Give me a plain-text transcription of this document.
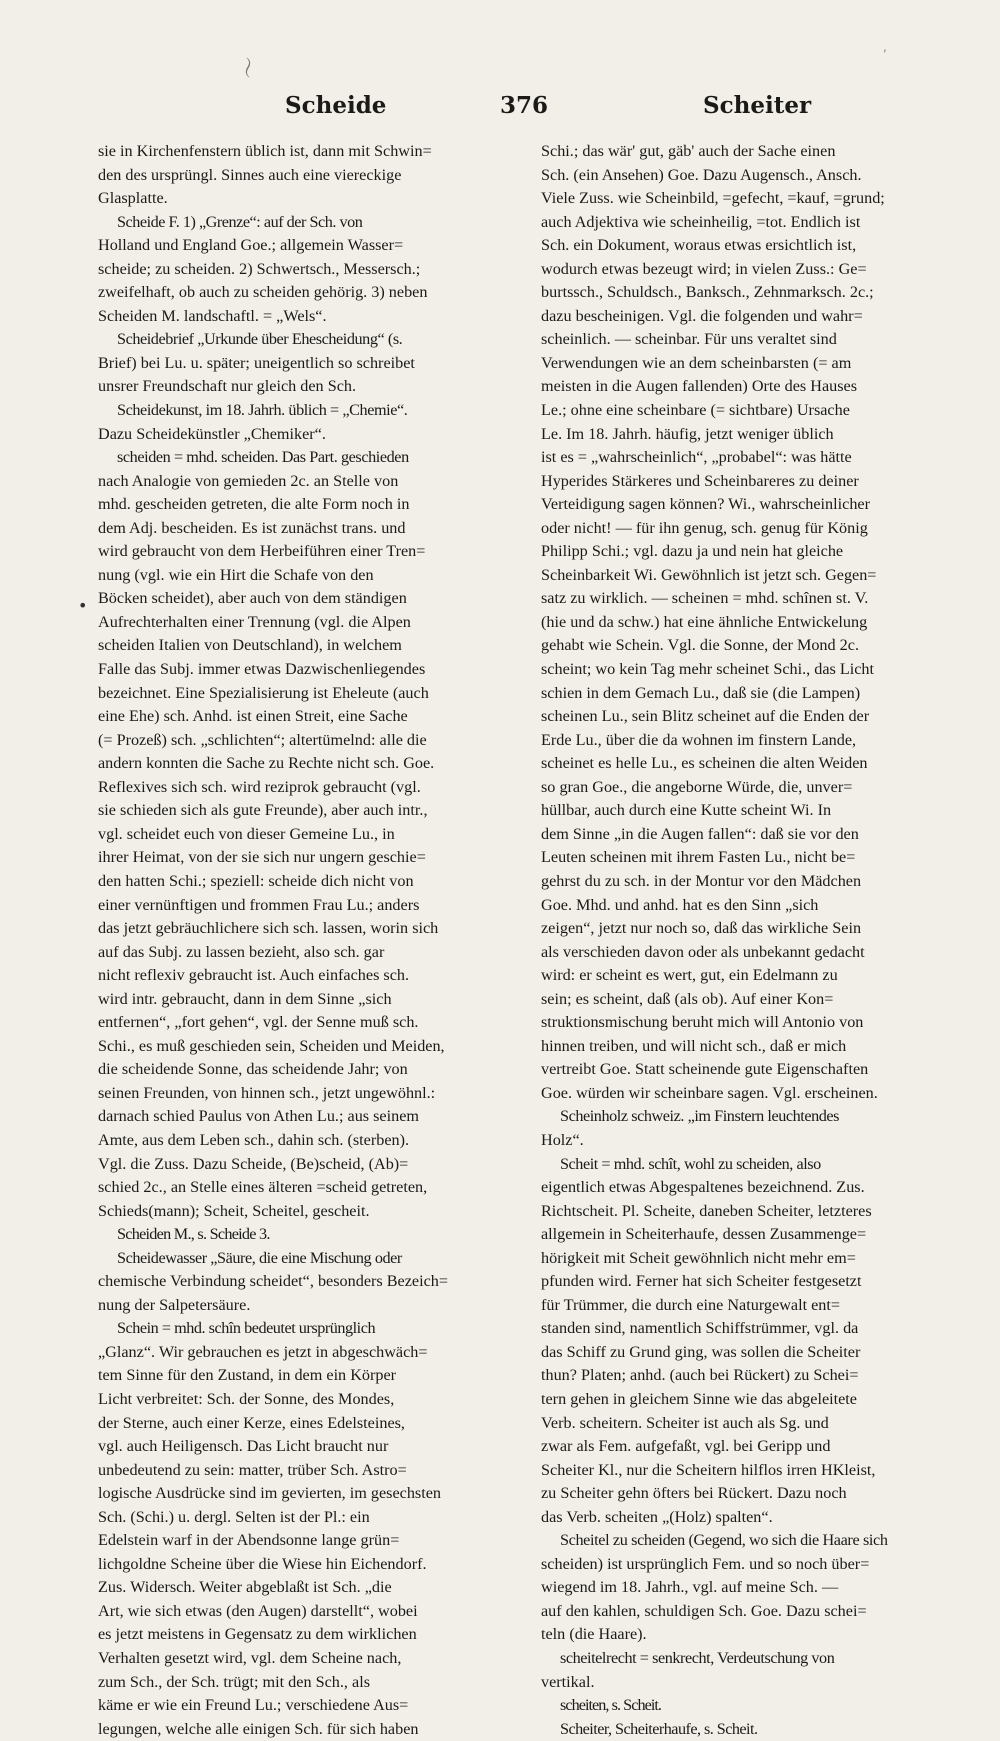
〜
,
•
Scheide	376	Scheiter
sie in Kirchenfenstern üblich ist, dann mit Schwin=
den des ursprüngl. Sinnes auch eine viereckige
Glasplatte.
Scheide F. 1) „Grenze“: auf der Sch. von
Holland und England Goe.; allgemein Wasser=
scheide; zu scheiden. 2) Schwertsch., Messersch.;
zweifelhaft, ob auch zu scheiden gehörig. 3) neben
Scheiden M. landschaftl. = „Wels“.
Scheidebrief „Urkunde über Ehescheidung“ (s.
Brief) bei Lu. u. später; uneigentlich so schreibet
unsrer Freundschaft nur gleich den Sch.
Scheidekunst, im 18. Jahrh. üblich = „Chemie“.
Dazu Scheidekünstler „Chemiker“.
scheiden = mhd. scheiden. Das Part. geschieden
nach Analogie von gemieden 2c. an Stelle von
mhd. gescheiden getreten, die alte Form noch in
dem Adj. bescheiden. Es ist zunächst trans. und
wird gebraucht von dem Herbeiführen einer Tren=
nung (vgl. wie ein Hirt die Schafe von den
Böcken scheidet), aber auch von dem ständigen
Aufrechterhalten einer Trennung (vgl. die Alpen
scheiden Italien von Deutschland), in welchem
Falle das Subj. immer etwas Dazwischenliegendes
bezeichnet. Eine Spezialisierung ist Eheleute (auch
eine Ehe) sch. Anhd. ist einen Streit, eine Sache
(= Prozeß) sch. „schlichten“; altertümelnd: alle die
andern konnten die Sache zu Rechte nicht sch. Goe.
Reflexives sich sch. wird reziprok gebraucht (vgl.
sie schieden sich als gute Freunde), aber auch intr.,
vgl. scheidet euch von dieser Gemeine Lu., in
ihrer Heimat, von der sie sich nur ungern geschie=
den hatten Schi.; speziell: scheide dich nicht von
einer vernünftigen und frommen Frau Lu.; anders
das jetzt gebräuchlichere sich sch. lassen, worin sich
auf das Subj. zu lassen bezieht, also sch. gar
nicht reflexiv gebraucht ist. Auch einfaches sch.
wird intr. gebraucht, dann in dem Sinne „sich
entfernen“, „fort gehen“, vgl. der Senne muß sch.
Schi., es muß geschieden sein, Scheiden und Meiden,
die scheidende Sonne, das scheidende Jahr; von
seinen Freunden, von hinnen sch., jetzt ungewöhnl.:
darnach schied Paulus von Athen Lu.; aus seinem
Amte, aus dem Leben sch., dahin sch. (sterben).
Vgl. die Zuss. Dazu Scheide, (Be)scheid, (Ab)=
schied 2c., an Stelle eines älteren =scheid getreten,
Schieds(mann); Scheit, Scheitel, gescheit.
Scheiden M., s. Scheide 3.
Scheidewasser „Säure, die eine Mischung oder
chemische Verbindung scheidet“, besonders Bezeich=
nung der Salpetersäure.
Schein = mhd. schîn bedeutet ursprünglich
„Glanz“. Wir gebrauchen es jetzt in abgeschwäch=
tem Sinne für den Zustand, in dem ein Körper
Licht verbreitet: Sch. der Sonne, des Mondes,
der Sterne, auch einer Kerze, eines Edelsteines,
vgl. auch Heiligensch. Das Licht braucht nur
unbedeutend zu sein: matter, trüber Sch. Astro=
logische Ausdrücke sind im gevierten, im gesechsten
Sch. (Schi.) u. dergl. Selten ist der Pl.: ein
Edelstein warf in der Abendsonne lange grün=
lichgoldne Scheine über die Wiese hin Eichendorf.
Zus. Widersch. Weiter abgeblaßt ist Sch. „die
Art, wie sich etwas (den Augen) darstellt“, wobei
es jetzt meistens in Gegensatz zu dem wirklichen
Verhalten gesetzt wird, vgl. dem Scheine nach,
zum Sch., der Sch. trügt; mit den Sch., als
käme er wie ein Freund Lu.; verschiedene Aus=
legungen, welche alle einigen Sch. für sich haben
Schi.; das wär' gut, gäb' auch der Sache einen
Sch. (ein Ansehen) Goe. Dazu Augensch., Ansch.
Viele Zuss. wie Scheinbild, =gefecht, =kauf, =grund;
auch Adjektiva wie scheinheilig, =tot. Endlich ist
Sch. ein Dokument, woraus etwas ersichtlich ist,
wodurch etwas bezeugt wird; in vielen Zuss.: Ge=
burtssch., Schuldsch., Banksch., Zehnmarksch. 2c.;
dazu bescheinigen. Vgl. die folgenden und wahr=
scheinlich. — scheinbar. Für uns veraltet sind
Verwendungen wie an dem scheinbarsten (= am
meisten in die Augen fallenden) Orte des Hauses
Le.; ohne eine scheinbare (= sichtbare) Ursache
Le. Im 18. Jahrh. häufig, jetzt weniger üblich
ist es = „wahrscheinlich“, „probabel“: was hätte
Hyperides Stärkeres und Scheinbareres zu deiner
Verteidigung sagen können? Wi., wahrscheinlicher
oder nicht! — für ihn genug, sch. genug für König
Philipp Schi.; vgl. dazu ja und nein hat gleiche
Scheinbarkeit Wi. Gewöhnlich ist jetzt sch. Gegen=
satz zu wirklich. — scheinen = mhd. schînen st. V.
(hie und da schw.) hat eine ähnliche Entwickelung
gehabt wie Schein. Vgl. die Sonne, der Mond 2c.
scheint; wo kein Tag mehr scheinet Schi., das Licht
schien in dem Gemach Lu., daß sie (die Lampen)
scheinen Lu., sein Blitz scheinet auf die Enden der
Erde Lu., über die da wohnen im finstern Lande,
scheinet es helle Lu., es scheinen die alten Weiden
so gran Goe., die angeborne Würde, die, unver=
hüllbar, auch durch eine Kutte scheint Wi. In
dem Sinne „in die Augen fallen“: daß sie vor den
Leuten scheinen mit ihrem Fasten Lu., nicht be=
gehrst du zu sch. in der Montur vor den Mädchen
Goe. Mhd. und anhd. hat es den Sinn „sich
zeigen“, jetzt nur noch so, daß das wirkliche Sein
als verschieden davon oder als unbekannt gedacht
wird: er scheint es wert, gut, ein Edelmann zu
sein; es scheint, daß (als ob). Auf einer Kon=
struktionsmischung beruht mich will Antonio von
hinnen treiben, und will nicht sch., daß er mich
vertreibt Goe. Statt scheinende gute Eigenschaften
Goe. würden wir scheinbare sagen. Vgl. erscheinen.
Scheinholz schweiz. „im Finstern leuchtendes
Holz“.
Scheit = mhd. schît, wohl zu scheiden, also
eigentlich etwas Abgespaltenes bezeichnend. Zus.
Richtscheit. Pl. Scheite, daneben Scheiter, letzteres
allgemein in Scheiterhaufe, dessen Zusammenge=
hörigkeit mit Scheit gewöhnlich nicht mehr em=
pfunden wird. Ferner hat sich Scheiter festgesetzt
für Trümmer, die durch eine Naturgewalt ent=
standen sind, namentlich Schiffstrümmer, vgl. da
das Schiff zu Grund ging, was sollen die Scheiter
thun? Platen; anhd. (auch bei Rückert) zu Schei=
tern gehen in gleichem Sinne wie das abgeleitete
Verb. scheitern. Scheiter ist auch als Sg. und
zwar als Fem. aufgefaßt, vgl. bei Geripp und
Scheiter Kl., nur die Scheitern hilflos irren HKleist,
zu Scheiter gehn öfters bei Rückert. Dazu noch
das Verb. scheiten „(Holz) spalten“.
Scheitel zu scheiden (Gegend, wo sich die Haare sich
scheiden) ist ursprünglich Fem. und so noch über=
wiegend im 18. Jahrh., vgl. auf meine Sch. —
auf den kahlen, schuldigen Sch. Goe. Dazu schei=
teln (die Haare).
scheitelrecht = senkrecht, Verdeutschung von
vertikal.
scheiten, s. Scheit.
Scheiter, Scheiterhaufe, s. Scheit.
